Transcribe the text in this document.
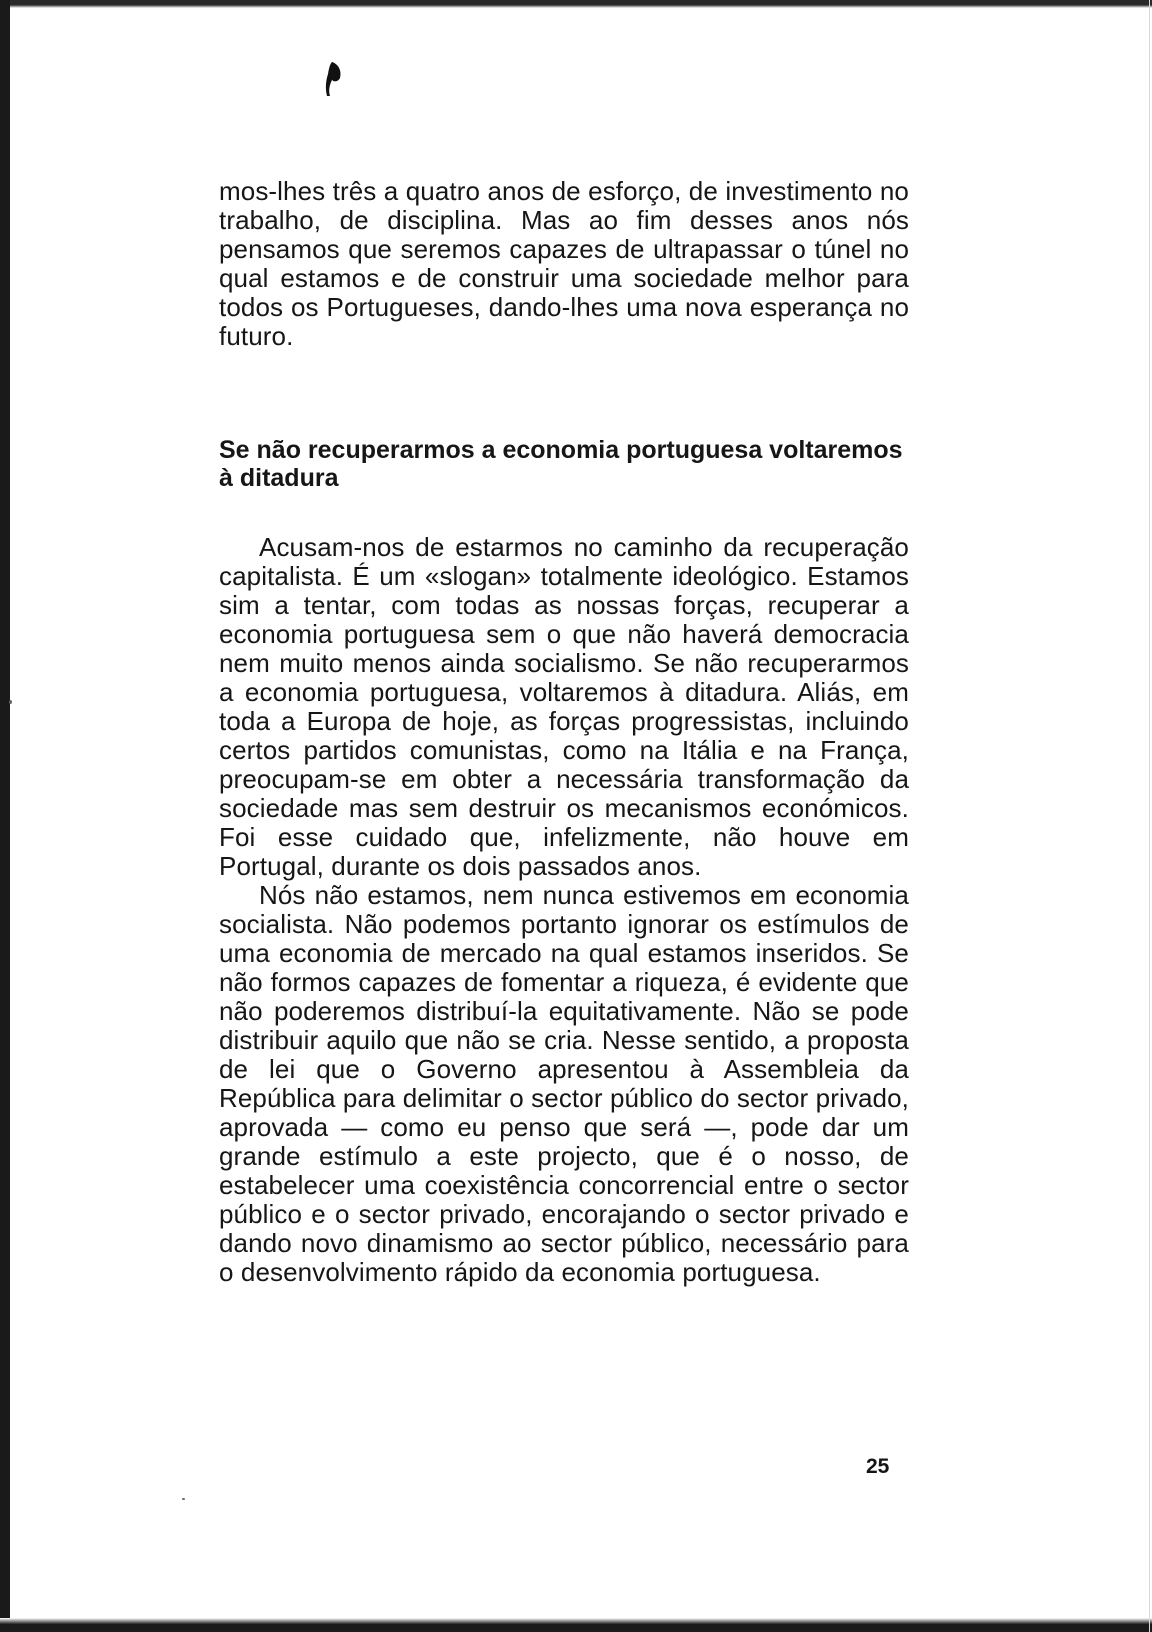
mos-lhes três a quatro anos de esforço, de investimento no trabalho, de disciplina. Mas ao fim desses anos nós pensamos que seremos capazes de ultrapassar o túnel no qual estamos e de construir uma sociedade melhor para todos os Portugueses, dando-lhes uma nova esperança no futuro.

Se não recuperarmos a economia portuguesa voltaremos à ditadura

Acusam-nos de estarmos no caminho da recuperação capitalista. É um «slogan» totalmente ideológico. Estamos sim a tentar, com todas as nossas forças, recuperar a economia portuguesa sem o que não haverá democracia nem muito menos ainda socialismo. Se não recuperarmos a economia portuguesa, voltaremos à ditadura. Aliás, em toda a Europa de hoje, as forças progressistas, incluindo certos partidos comunistas, como na Itália e na França, preocupam-se em obter a necessária transformação da sociedade mas sem destruir os mecanismos económicos. Foi esse cuidado que, infelizmente, não houve em Portugal, durante os dois passados anos.

Nós não estamos, nem nunca estivemos em economia socialista. Não podemos portanto ignorar os estímulos de uma economia de mercado na qual estamos inseridos. Se não formos capazes de fomentar a riqueza, é evidente que não poderemos distribuí-la equitativamente. Não se pode distribuir aquilo que não se cria. Nesse sentido, a proposta de lei que o Governo apresentou à Assembleia da República para delimitar o sector público do sector privado, aprovada — como eu penso que será —, pode dar um grande estímulo a este projecto, que é o nosso, de estabelecer uma coexistência concorrencial entre o sector público e o sector privado, encorajando o sector privado e dando novo dinamismo ao sector público, necessário para o desenvolvimento rápido da economia portuguesa.

25
